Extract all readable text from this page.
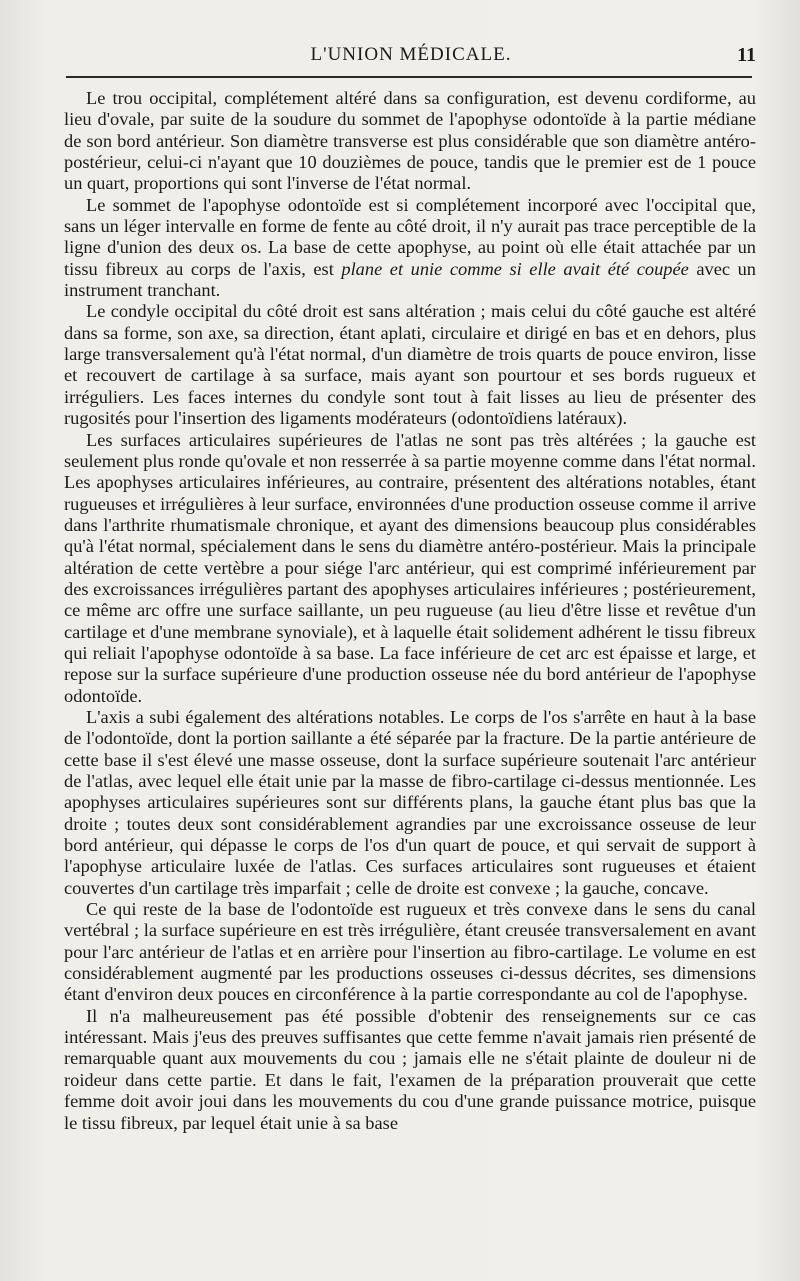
L'UNION MÉDICALE.	11

Le trou occipital, complétement altéré dans sa configuration, est devenu cordiforme, au lieu d'ovale, par suite de la soudure du sommet de l'apophyse odontoïde à la partie médiane de son bord antérieur. Son diamètre transverse est plus considérable que son diamètre antéro-postérieur, celui-ci n'ayant que 10 douzièmes de pouce, tandis que le premier est de 1 pouce un quart, proportions qui sont l'inverse de l'état normal.

Le sommet de l'apophyse odontoïde est si complétement incorporé avec l'occipital que, sans un léger intervalle en forme de fente au côté droit, il n'y aurait pas trace perceptible de la ligne d'union des deux os. La base de cette apophyse, au point où elle était attachée par un tissu fibreux au corps de l'axis, est plane et unie comme si elle avait été coupée avec un instrument tranchant.

Le condyle occipital du côté droit est sans altération ; mais celui du côté gauche est altéré dans sa forme, son axe, sa direction, étant aplati, circulaire et dirigé en bas et en dehors, plus large transversalement qu'à l'état normal, d'un diamètre de trois quarts de pouce environ, lisse et recouvert de cartilage à sa surface, mais ayant son pourtour et ses bords rugueux et irréguliers. Les faces internes du condyle sont tout à fait lisses au lieu de présenter des rugosités pour l'insertion des ligaments modérateurs (odontoïdiens latéraux).

Les surfaces articulaires supérieures de l'atlas ne sont pas très altérées ; la gauche est seulement plus ronde qu'ovale et non resserrée à sa partie moyenne comme dans l'état normal. Les apophyses articulaires inférieures, au contraire, présentent des altérations notables, étant rugueuses et irrégulières à leur surface, environnées d'une production osseuse comme il arrive dans l'arthrite rhumatismale chronique, et ayant des dimensions beaucoup plus considérables qu'à l'état normal, spécialement dans le sens du diamètre antéro-postérieur. Mais la principale altération de cette vertèbre a pour siége l'arc antérieur, qui est comprimé inférieurement par des excroissances irrégulières partant des apophyses articulaires inférieures ; postérieurement, ce même arc offre une surface saillante, un peu rugueuse (au lieu d'être lisse et revêtue d'un cartilage et d'une membrane synoviale), et à laquelle était solidement adhérent le tissu fibreux qui reliait l'apophyse odontoïde à sa base. La face inférieure de cet arc est épaisse et large, et repose sur la surface supérieure d'une production osseuse née du bord antérieur de l'apophyse odontoïde.

L'axis a subi également des altérations notables. Le corps de l'os s'arrête en haut à la base de l'odontoïde, dont la portion saillante a été séparée par la fracture. De la partie antérieure de cette base il s'est élevé une masse osseuse, dont la surface supérieure soutenait l'arc antérieur de l'atlas, avec lequel elle était unie par la masse de fibro-cartilage ci-dessus mentionnée. Les apophyses articulaires supérieures sont sur différents plans, la gauche étant plus bas que la droite ; toutes deux sont considérablement agrandies par une excroissance osseuse de leur bord antérieur, qui dépasse le corps de l'os d'un quart de pouce, et qui servait de support à l'apophyse articulaire luxée de l'atlas. Ces surfaces articulaires sont rugueuses et étaient couvertes d'un cartilage très imparfait ; celle de droite est convexe ; la gauche, concave.

Ce qui reste de la base de l'odontoïde est rugueux et très convexe dans le sens du canal vertébral ; la surface supérieure en est très irrégulière, étant creusée transversalement en avant pour l'arc antérieur de l'atlas et en arrière pour l'insertion au fibro-cartilage. Le volume en est considérablement augmenté par les productions osseuses ci-dessus décrites, ses dimensions étant d'environ deux pouces en circonférence à la partie correspondante au col de l'apophyse.

Il n'a malheureusement pas été possible d'obtenir des renseignements sur ce cas intéressant. Mais j'eus des preuves suffisantes que cette femme n'avait jamais rien présenté de remarquable quant aux mouvements du cou ; jamais elle ne s'était plainte de douleur ni de roideur dans cette partie. Et dans le fait, l'examen de la préparation prouverait que cette femme doit avoir joui dans les mouvements du cou d'une grande puissance motrice, puisque le tissu fibreux, par lequel était unie à sa base
